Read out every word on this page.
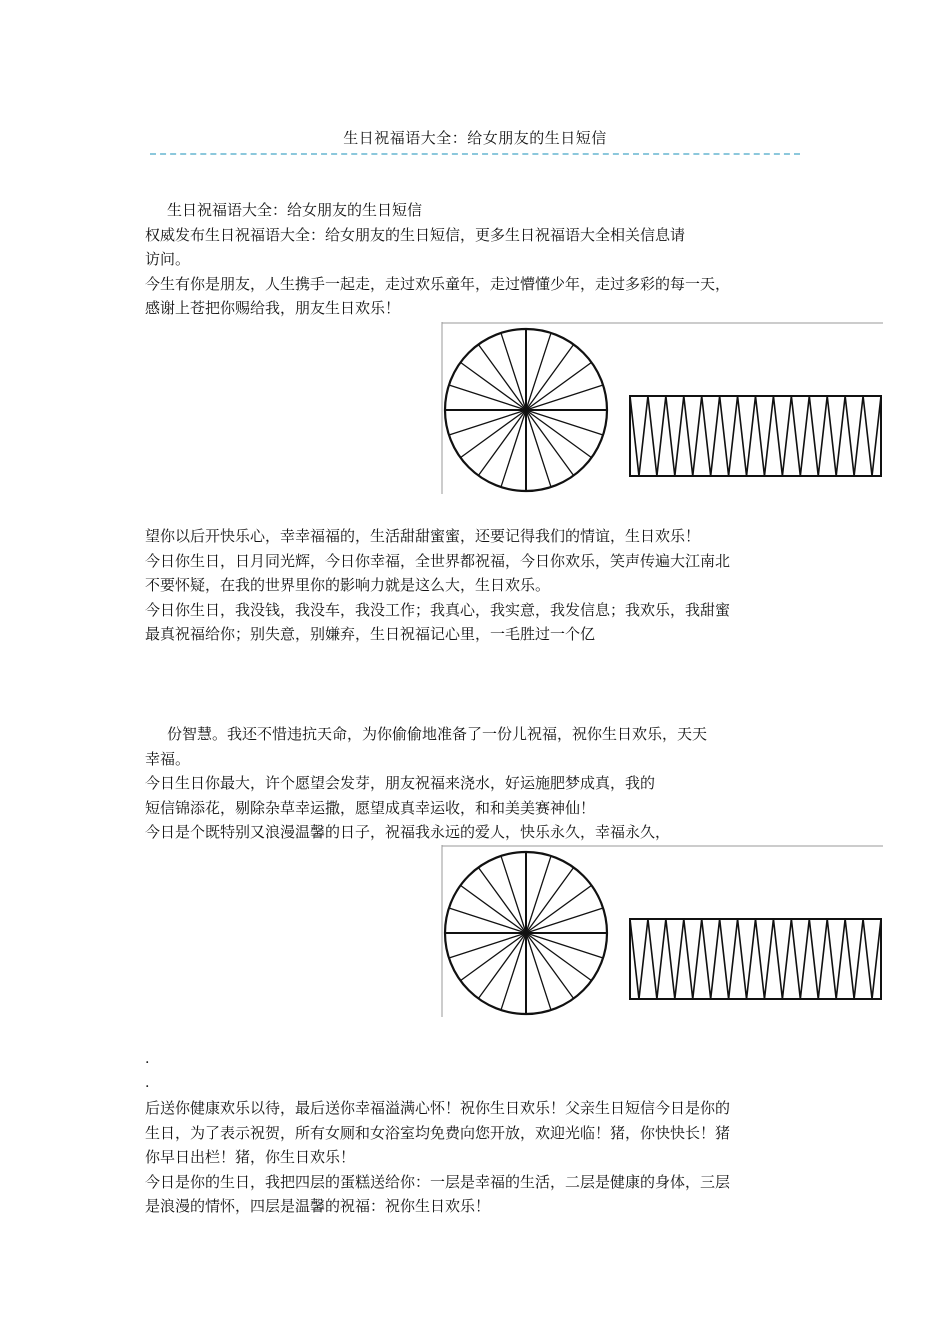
生日祝福语大全：给女朋友的生日短信
生日祝福语大全：给女朋友的生日短信
权威发布生日祝福语大全：给女朋友的生日短信，更多生日祝福语大全相关信息请
访问。
今生有你是朋友，人生携手一起走，走过欢乐童年，走过懵懂少年，走过多彩的每一天，
感谢上苍把你赐给我，朋友生日欢乐！
望你以后开快乐心，幸幸福福的，生活甜甜蜜蜜，还要记得我们的情谊，生日欢乐！
今日你生日，日月同光辉，今日你幸福，全世界都祝福，今日你欢乐，笑声传遍大江南北
不要怀疑，在我的世界里你的影响力就是这么大，生日欢乐。
今日你生日，我没钱，我没车，我没工作；我真心，我实意，我发信息；我欢乐，我甜蜜
最真祝福给你；别失意，别嫌弃，生日祝福记心里，一毛胜过一个亿
份智慧。我还不惜违抗天命，为你偷偷地准备了一份儿祝福，祝你生日欢乐，天天
幸福。
今日生日你最大，许个愿望会发芽，朋友祝福来浇水，好运施肥梦成真，我的
短信锦添花，剔除杂草幸运撒，愿望成真幸运收，和和美美赛神仙！
今日是个既特别又浪漫温馨的日子，祝福我永远的爱人，快乐永久，幸福永久，
.
.
后送你健康欢乐以待，最后送你幸福溢满心怀！祝你生日欢乐！父亲生日短信今日是你的
生日，为了表示祝贺，所有女厕和女浴室均免费向您开放，欢迎光临！猪，你快快长！猪
你早日出栏！猪，你生日欢乐！
今日是你的生日，我把四层的蛋糕送给你：一层是幸福的生活，二层是健康的身体，三层
是浪漫的情怀，四层是温馨的祝福：祝你生日欢乐！
